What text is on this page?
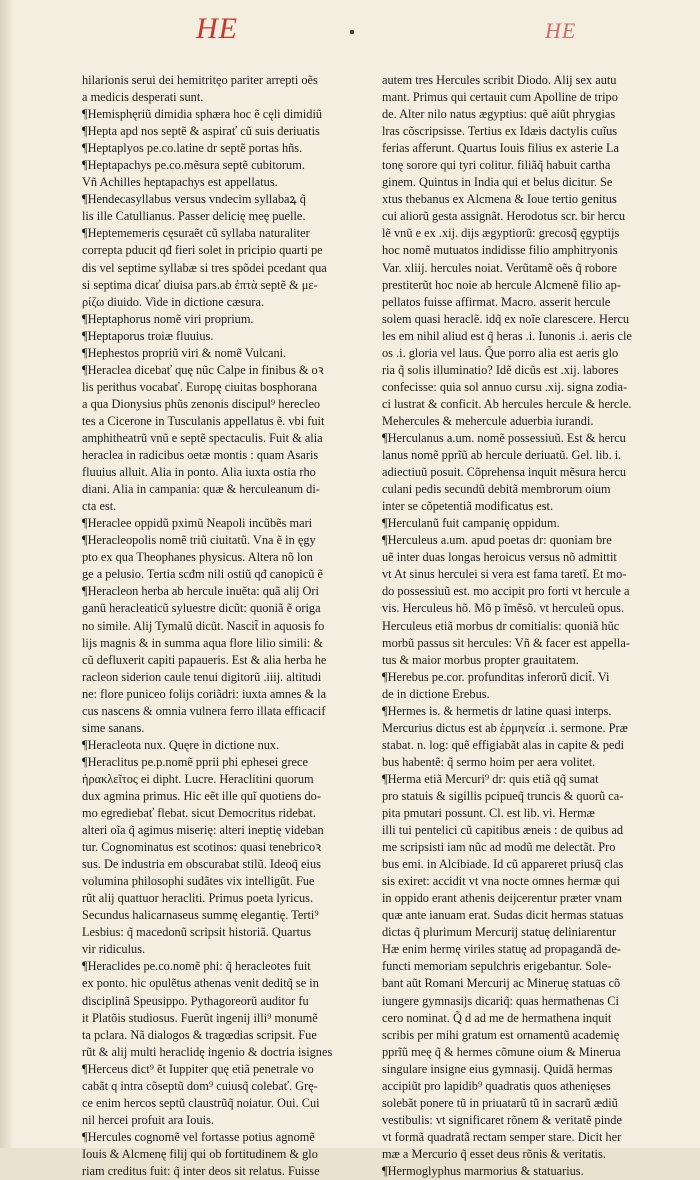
HE	HE
hilarionis serui dei hemitritęo pariter arrepti oẽs
a medicis desperati sunt.
¶Hemisphęriũ dimidia sphæra hoc ẽ cęli dimidiũ
¶Hepta apd nos septẽ & aspirať cũ suis deriuatis
¶Heptaplyos pe.co.latine dr septẽ portas hñs.
¶Heptapachys pe.co.mẽsura septẽ cubitorum.
Vñ Achilles heptapachys est appellatus.
¶Hendecasyllabus versus vndecim syllabaꝝ q̃
lis ille Catullianus. Passer delicię meę puelle.
¶Heptememeris cęsuraẽt cũ syllaba naturaliter
correpta pducit qđ fieri solet in pricipio quarti pe
dis vel septime syllabæ si tres spõdei pcedant qua
si septima dicať diuisa pars.ab ἑπτὰ septẽ & με-
ρίζω diuido. Vide in dictione cæsura.
¶Heptaphorus nomẽ viri proprium.
¶Heptaporus troiæ fluuius.
¶Hephestos propriũ viri & nomẽ Vulcani.
¶Heraclea dicebať quę nũc Calpe in finibus & oꝛ
lis perithus vocabať. Europę ciuitas bosphorana
a qua Dionysius phũs zenonis discipul⁹ herecleo
tes a Cicerone in Tusculanis appellatus ẽ. vbi fuit
amphitheatrũ vnũ e septẽ spectaculis. Fuit & alia
heraclea in radicibus oetæ montis : quam Asaris
fluuius alluit. Alia in ponto. Alia iuxta ostia rho
diani. Alia in campania: quæ & herculeanum di-
cta est.
¶Heraclee oppidũ pximũ Neapoli incũbẽs mari
¶Heracleopolis nomẽ triũ ciuitatũ. Vna ẽ in ęgy
pto ex qua Theophanes physicus. Altera nõ lon
ge a pelusio. Tertia scđm nili ostiũ qđ canopicũ ẽ
¶Heracleon herba ab hercule inuẽta: quã alij Ori
ganũ heracleaticũ syluestre dicũt: quoniã ẽ origa
no simile. Alij Tymalũ dicũt. Nascit̃ in aquosis fo
lijs magnis & in summa aqua flore lilio simili: &
cũ defluxerit capiti papaueris. Est & alia herba he
racleon siderion caule tenui digitorũ .iiij. altitudi
ne: flore puniceo folijs coriãdri: iuxta amnes & la
cus nascens & omnia vulnera ferro illata efficacif
sime sanans.
¶Heracleota nux. Quęre in dictione nux.
¶Heraclitus pe.p.nomẽ pprii phi ephesei grece
ἡρακλεῖτος ei dipht. Lucre. Heraclitini quorum
dux agmina primus. Hic eẽt ille quĩ quotiens do-
mo egrediebať flebat. sicut Democritus ridebat.
alteri oĩa q̃ agimus miserię: alteri ineptię videban
tur. Cognominatus est scotinos: quasi tenebricoꝛ
sus. De industria em obscurabat stilũ. Ideoq̃ eius
volumina philosophi sudãtes vix intelligũt. Fue
rũt alij quattuor heracliti. Primus poeta lyricus.
Secundus halicarnaseus summę elegantię. Terti⁹
Lesbius: q̃ macedonũ scripsit historiã. Quartus
vir ridiculus.
¶Heraclides pe.co.nomẽ phi: q̃ heracleotes fuit
ex ponto. hic opulẽtus athenas venit deditq̃ se in
disciplinã Speusippo. Pythagoreorũ auditor fu
it Platõis studiosus. Fuerũt ingenij illi⁹ monumẽ
ta pclara. Nã dialogos & tragœdias scripsit. Fue
rũt & alij multi heraclidę ingenio & doctria isignes
¶Herceus dict⁹ ẽt Iuppiter quę etiã penetrale vo
cabãt q intra cõseptũ dom⁹ cuiusq̃ colebať. Grę-
ce enim hercos septũ claustrũq̃ noiatur. Oui. Cui
nil hercei profuit ara Iouis.
¶Hercules cognomẽ vel fortasse potius agnomẽ
Iouis & Alcmenę filij qui ob fortitudinem & glo
riam creditus fuit: q̃ inter deos sit relatus. Fuisse
autem tres Hercules scribit Diodo. Alij sex autu
mant. Primus qui certauit cum Apolline de tripo
de. Alter nilo natus ægyptius: quẽ aiũt phrygias
lras cõscripsisse. Tertius ex Idæis dactylis cuĩus
ferias afferunt. Quartus Iouis filius ex asterie La
tonę sorore qui tyri colitur. filiãq̃ habuit cartha
ginem. Quintus in India qui et belus dicitur. Se
xtus thebanus ex Alcmena & Ioue tertio genitus
cui aliorũ gesta assignãt. Herodotus scr. bir hercu
lẽ vnũ e ex .xij. dijs ægyptiorũ: grecosq̃ ęgyptijs
hoc nomẽ mutuatos indidisse filio amphitryonis
Var. xliij. hercules noiat. Verũtamẽ oẽs q̃ robore
prestiterũt hoc noie ab hercule Alcmenẽ filio ap-
pellatos fuisse affirmat. Macro. asserit hercule
solem quasi heraclẽ. idq̃ ex noĩe clarescere. Hercu
les em nihil aliud est q̃ heras .i. Iunonis .i. aeris cle
os .i. gloria vel laus. Q̃ue porro alia est aeris glo
ria q̃ solis illuminatio? Idẽ dicũs est .xij. labores
confecisse: quia sol annuo cursu .xij. signa zodia-
ci lustrat & conficit. Ab hercules hercule & hercle.
Mehercules & mehercule aduerbia iurandi.
¶Herculanus a.um. nomẽ possessiuũ. Est & hercu
lanus nomẽ pprĩũ ab hercule deriuatũ. Gel. lib. i.
adiectiuũ posuit. Cõprehensa inquit mẽsura hercu
culani pedis secundũ debitã membrorum oium
inter se cõpetentiã modificatus est.
¶Herculanũ fuit campanię oppidum.
¶Herculeus a.um. apud poetas dr: quoniam bre
uẽ inter duas longas heroicus versus nõ admittit
vt At sinus herculei si vera est fama taretĩ. Et mo-
do possessiuũ est. mo accipit pro forti vt hercule a
vis. Herculeus hõ. Mõ p ĩmẽsõ. vt herculeũ opus.
Herculeus etiã morbus dr comitialis: quoniã hũc
morbũ passus sit hercules: Vñ & facer est appella-
tus & maior morbus propter grauitatem.
¶Herebus pe.cor. profunditas inferorũ dicit̃. Vi
de in dictione Erebus.
¶Hermes is. & hermetis dr latine quasi interps.
Mercurius dictus est ab ἑρμηνεία .i. sermone. Præ
stabat. n. log: quẽ effigiabãt alas in capite & pedi
bus habentẽ: q̃ sermo hoim per aera volitet.
¶Herma etiã Mercuri⁹ dr: quis etiã qq̃ sumat
pro statuis & sigillis pcipueq̃ truncis & quorũ ca-
pita pmutari possunt. Cl. est lib. vi. Hermæ
illi tui pentelici cũ capitibus æneis : de quibus ad
me scripsisti iam nũc ad modũ me delectãt. Pro
bus emi. in Alcibiade. Id cũ appareret priusq̃ clas
sis exiret: accidit vt vna nocte omnes hermæ qui
in oppido erant athenis deijcerentur præter vnam
quæ ante ianuam erat. Sudas dicit hermas statuas
dictas q̃ plurimum Mercurij statuę deliniarentur
Hæ enim hermę viriles statuę ad propagandã de-
functi memoriam sepulchris erigebantur. Sole-
bant aũt Romani Mercurij ac Mineruę statuas cõ
iungere gymnasijs dicariq̃: quas hermathenas Ci
cero nominat. Q̃ d ad me de hermathena inquit
scribis per mihi gratum est ornamentũ academię
pprĩũ meę q̃ & hermes cõmune oium & Minerua
singulare insigne eius gymnasij. Quidã hermas
accipiũt pro lapidib⁹ quadratis quos athenięses
solebãt ponere tũ in priuatarũ tũ in sacrarũ ædiũ
vestibulis: vt significaret rõnem & veritatẽ pinde
vt formã quadratã rectam semper stare. Dicit her
mæ a Mercurio q̃ esset deus rõnis & veritatis.
¶Hermoglyphus marmorius & statuarius.
